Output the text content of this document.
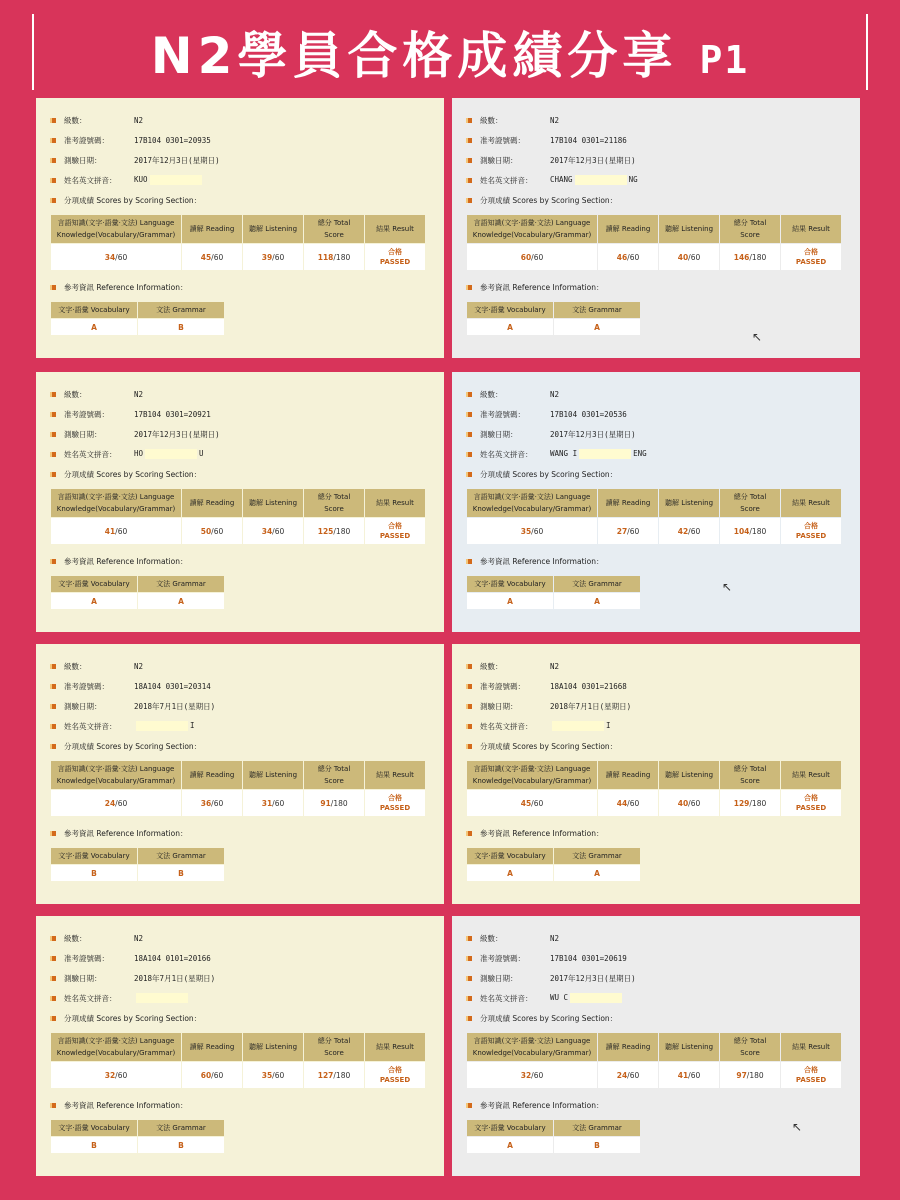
N2學員合格成績分享 P1
級數：	N2
准考證號碼：	17B104 0301=20935
測驗日期：	2017年12月3日(星期日)
姓名英文拼音：	KUO
分項成績 Scores by Scoring Section：
言語知識(文字·語彙·文法) Language Knowledge(Vocabulary/Grammar)	讀解 Reading	聽解 Listening	總分 Total Score	結果 Result
34/60	45/60	39/60	118/180	合格
PASSED
參考資訊 Reference Information：
文字·語彙 Vocabulary	文法 Grammar
A	B
級數：	N2
准考證號碼：	17B104 0301=21186
測驗日期：	2017年12月3日(星期日)
姓名英文拼音：	CHANG	NG
分項成績 Scores by Scoring Section：
言語知識(文字·語彙·文法) Language Knowledge(Vocabulary/Grammar)	讀解 Reading	聽解 Listening	總分 Total Score	結果 Result
60/60	46/60	40/60	146/180	合格
PASSED
參考資訊 Reference Information：
文字·語彙 Vocabulary	文法 Grammar
A	A
↖
級數：	N2
准考證號碼：	17B104 0301=20921
測驗日期：	2017年12月3日(星期日)
姓名英文拼音：	HO	U
分項成績 Scores by Scoring Section：
言語知識(文字·語彙·文法) Language Knowledge(Vocabulary/Grammar)	讀解 Reading	聽解 Listening	總分 Total Score	結果 Result
41/60	50/60	34/60	125/180	合格
PASSED
參考資訊 Reference Information：
文字·語彙 Vocabulary	文法 Grammar
A	A
級數：	N2
准考證號碼：	17B104 0301=20536
測驗日期：	2017年12月3日(星期日)
姓名英文拼音：	WANG I	ENG
分項成績 Scores by Scoring Section：
言語知識(文字·語彙·文法) Language Knowledge(Vocabulary/Grammar)	讀解 Reading	聽解 Listening	總分 Total Score	結果 Result
35/60	27/60	42/60	104/180	合格
PASSED
參考資訊 Reference Information：
文字·語彙 Vocabulary	文法 Grammar
A	A
↖
級數：	N2
准考證號碼：	18A104 0301=20314
測驗日期：	2018年7月1日(星期日)
姓名英文拼音：	I
分項成績 Scores by Scoring Section：
言語知識(文字·語彙·文法) Language Knowledge(Vocabulary/Grammar)	讀解 Reading	聽解 Listening	總分 Total Score	結果 Result
24/60	36/60	31/60	91/180	合格
PASSED
參考資訊 Reference Information：
文字·語彙 Vocabulary	文法 Grammar
B	B
級數：	N2
准考證號碼：	18A104 0301=21668
測驗日期：	2018年7月1日(星期日)
姓名英文拼音：	I
分項成績 Scores by Scoring Section：
言語知識(文字·語彙·文法) Language Knowledge(Vocabulary/Grammar)	讀解 Reading	聽解 Listening	總分 Total Score	結果 Result
45/60	44/60	40/60	129/180	合格
PASSED
參考資訊 Reference Information：
文字·語彙 Vocabulary	文法 Grammar
A	A
級數：	N2
准考證號碼：	18A104 0101=20166
測驗日期：	2018年7月1日(星期日)
姓名英文拼音：
分項成績 Scores by Scoring Section：
言語知識(文字·語彙·文法) Language Knowledge(Vocabulary/Grammar)	讀解 Reading	聽解 Listening	總分 Total Score	結果 Result
32/60	60/60	35/60	127/180	合格
PASSED
參考資訊 Reference Information：
文字·語彙 Vocabulary	文法 Grammar
B	B
級數：	N2
准考證號碼：	17B104 0301=20619
測驗日期：	2017年12月3日(星期日)
姓名英文拼音：	WU C
分項成績 Scores by Scoring Section：
言語知識(文字·語彙·文法) Language Knowledge(Vocabulary/Grammar)	讀解 Reading	聽解 Listening	總分 Total Score	結果 Result
32/60	24/60	41/60	97/180	合格
PASSED
參考資訊 Reference Information：
文字·語彙 Vocabulary	文法 Grammar
A	B
↖
